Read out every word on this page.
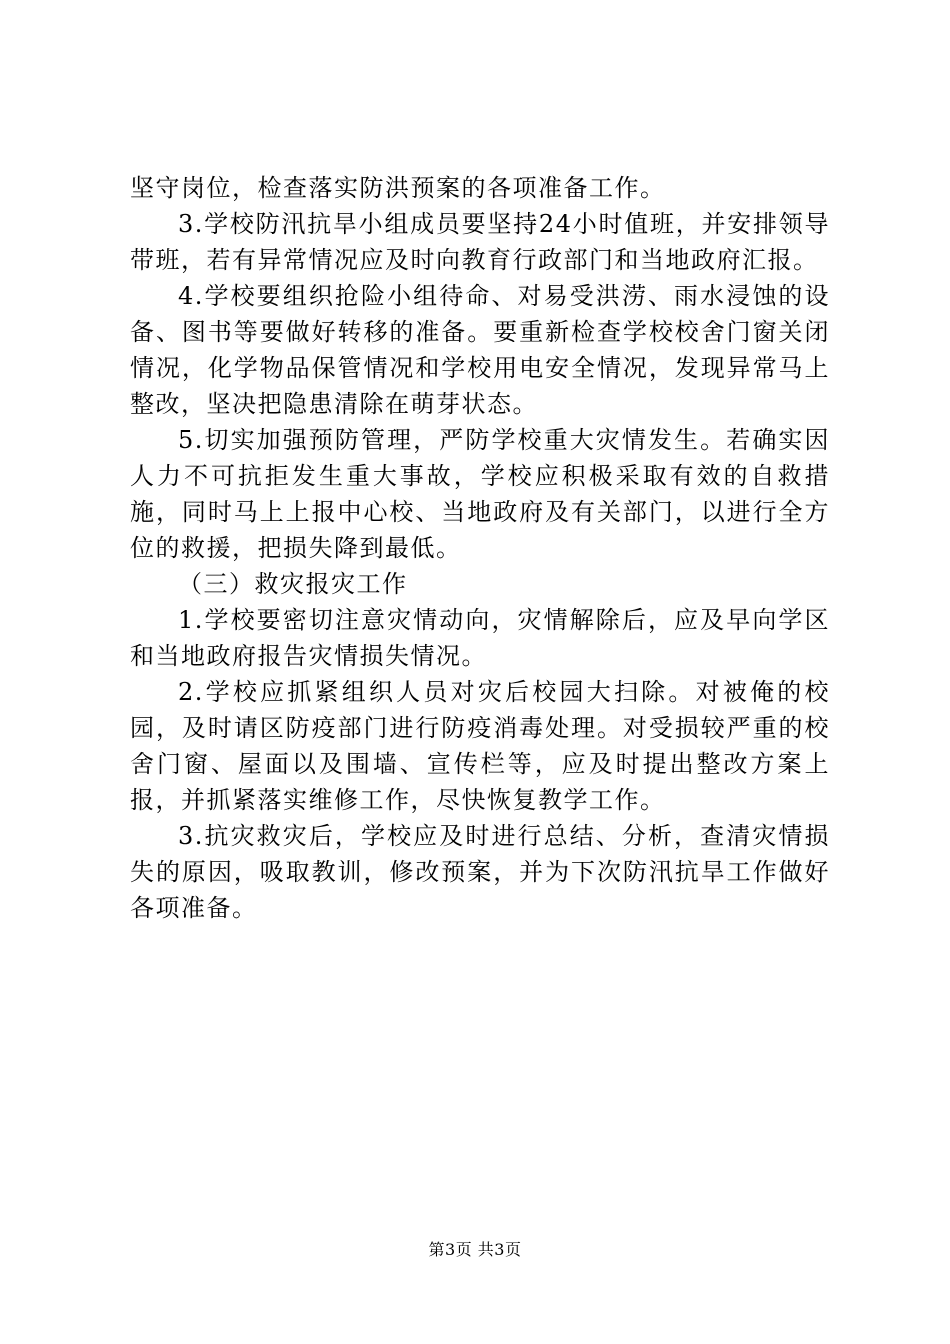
坚守岗位，检查落实防洪预案的各项准备工作。

3.学校防汛抗旱小组成员要坚持24小时值班，并安排领导带班，若有异常情况应及时向教育行政部门和当地政府汇报。

4.学校要组织抢险小组待命、对易受洪涝、雨水浸蚀的设备、图书等要做好转移的准备。要重新检查学校校舍门窗关闭情况，化学物品保管情况和学校用电安全情况，发现异常马上整改，坚决把隐患清除在萌芽状态。

5.切实加强预防管理，严防学校重大灾情发生。若确实因人力不可抗拒发生重大事故，学校应积极采取有效的自救措施，同时马上上报中心校、当地政府及有关部门，以进行全方位的救援，把损失降到最低。

（三）救灾报灾工作

1.学校要密切注意灾情动向，灾情解除后，应及早向学区和当地政府报告灾情损失情况。

2.学校应抓紧组织人员对灾后校园大扫除。对被俺的校园，及时请区防疫部门进行防疫消毒处理。对受损较严重的校舍门窗、屋面以及围墙、宣传栏等，应及时提出整改方案上报，并抓紧落实维修工作，尽快恢复教学工作。

3.抗灾救灾后，学校应及时进行总结、分析，查清灾情损失的原因，吸取教训，修改预案，并为下次防汛抗旱工作做好各项准备。

第3页 共3页
